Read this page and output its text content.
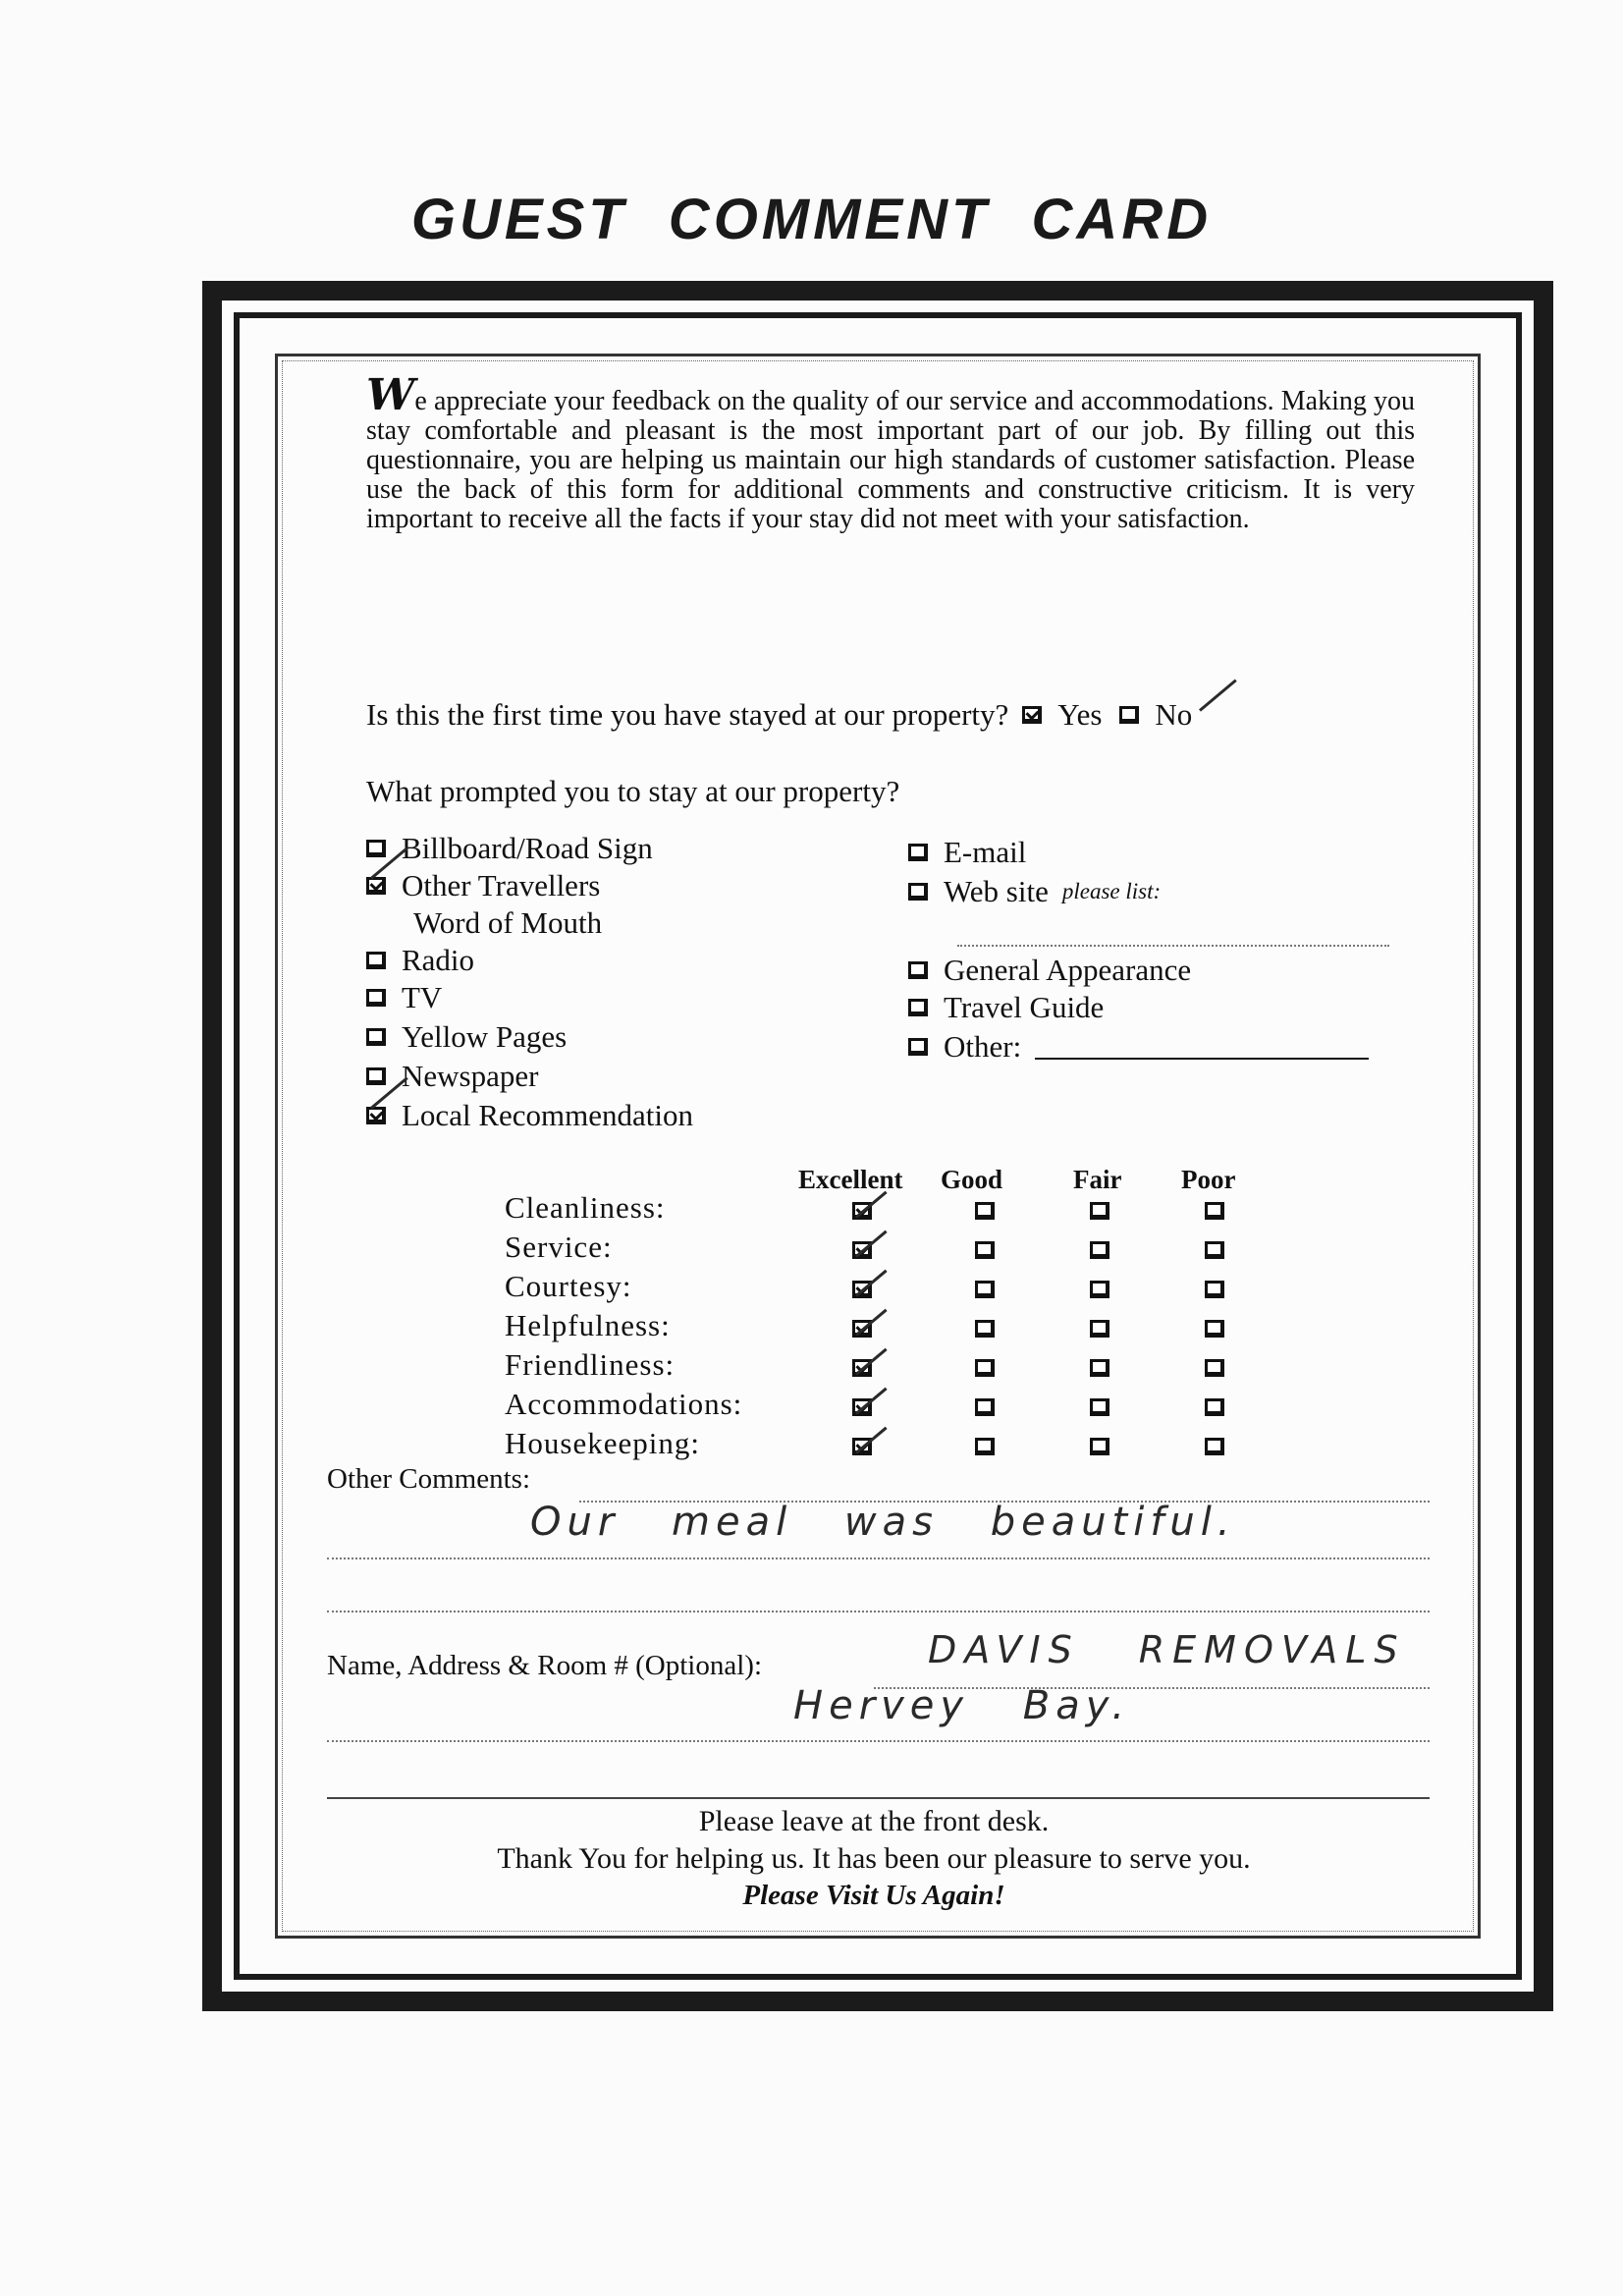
GUEST COMMENT CARD
We appreciate your feedback on the quality of our service and accommodations. Making you stay comfortable and pleasant is the most important part of our job. By filling out this questionnaire, you are helping us maintain our high standards of customer satisfaction. Please use the back of this form for additional comments and constructive criticism. It is very important to receive all the facts if your stay did not meet with your satisfaction.
Is this the first time you have stayed at our property? Yes No
What prompted you to stay at our property?
Billboard/Road Sign
Other Travellers
Word of Mouth
Radio
TV
Yellow Pages
Newspaper
Local Recommendation
E-mail
Web site please list:
General Appearance
Travel Guide
Other:
Excellent Good	Fair Poor
Cleanliness:
Service:
Courtesy:
Helpfulness:
Friendliness:
Accommodations:
Housekeeping:
Other Comments:
Our meal was beautiful.
Name, Address & Room # (Optional):	DAVIS REMOVALS
Hervey Bay.
Please leave at the front desk.
Thank You for helping us. It has been our pleasure to serve you.
Please Visit Us Again!
